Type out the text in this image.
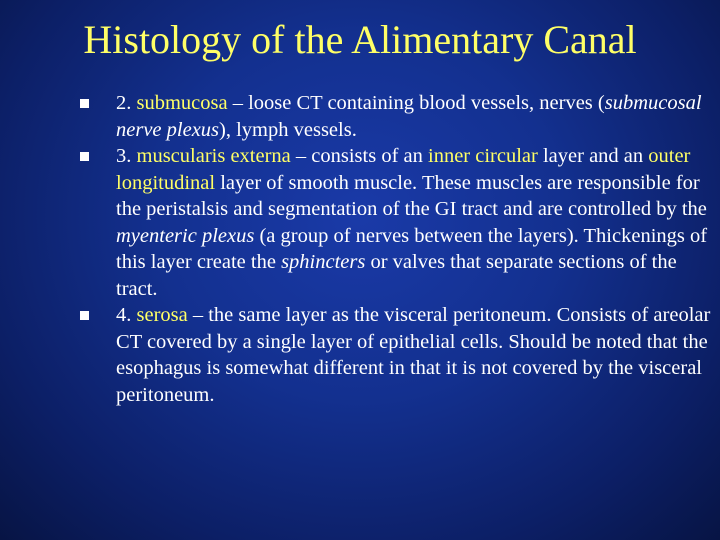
Histology of the Alimentary Canal
2. submucosa – loose CT containing blood vessels, nerves (submucosal nerve plexus), lymph vessels.
3. muscularis externa – consists of an inner circular layer and an outer longitudinal layer of smooth muscle. These muscles are responsible for the peristalsis and segmentation of the GI tract and are controlled by the myenteric plexus (a group of nerves between the layers). Thickenings of this layer create the sphincters or valves that separate sections of the tract.
4. serosa – the same layer as the visceral peritoneum. Consists of areolar CT covered by a single layer of epithelial cells. Should be noted that the esophagus is somewhat different in that it is not covered by the visceral peritoneum.
